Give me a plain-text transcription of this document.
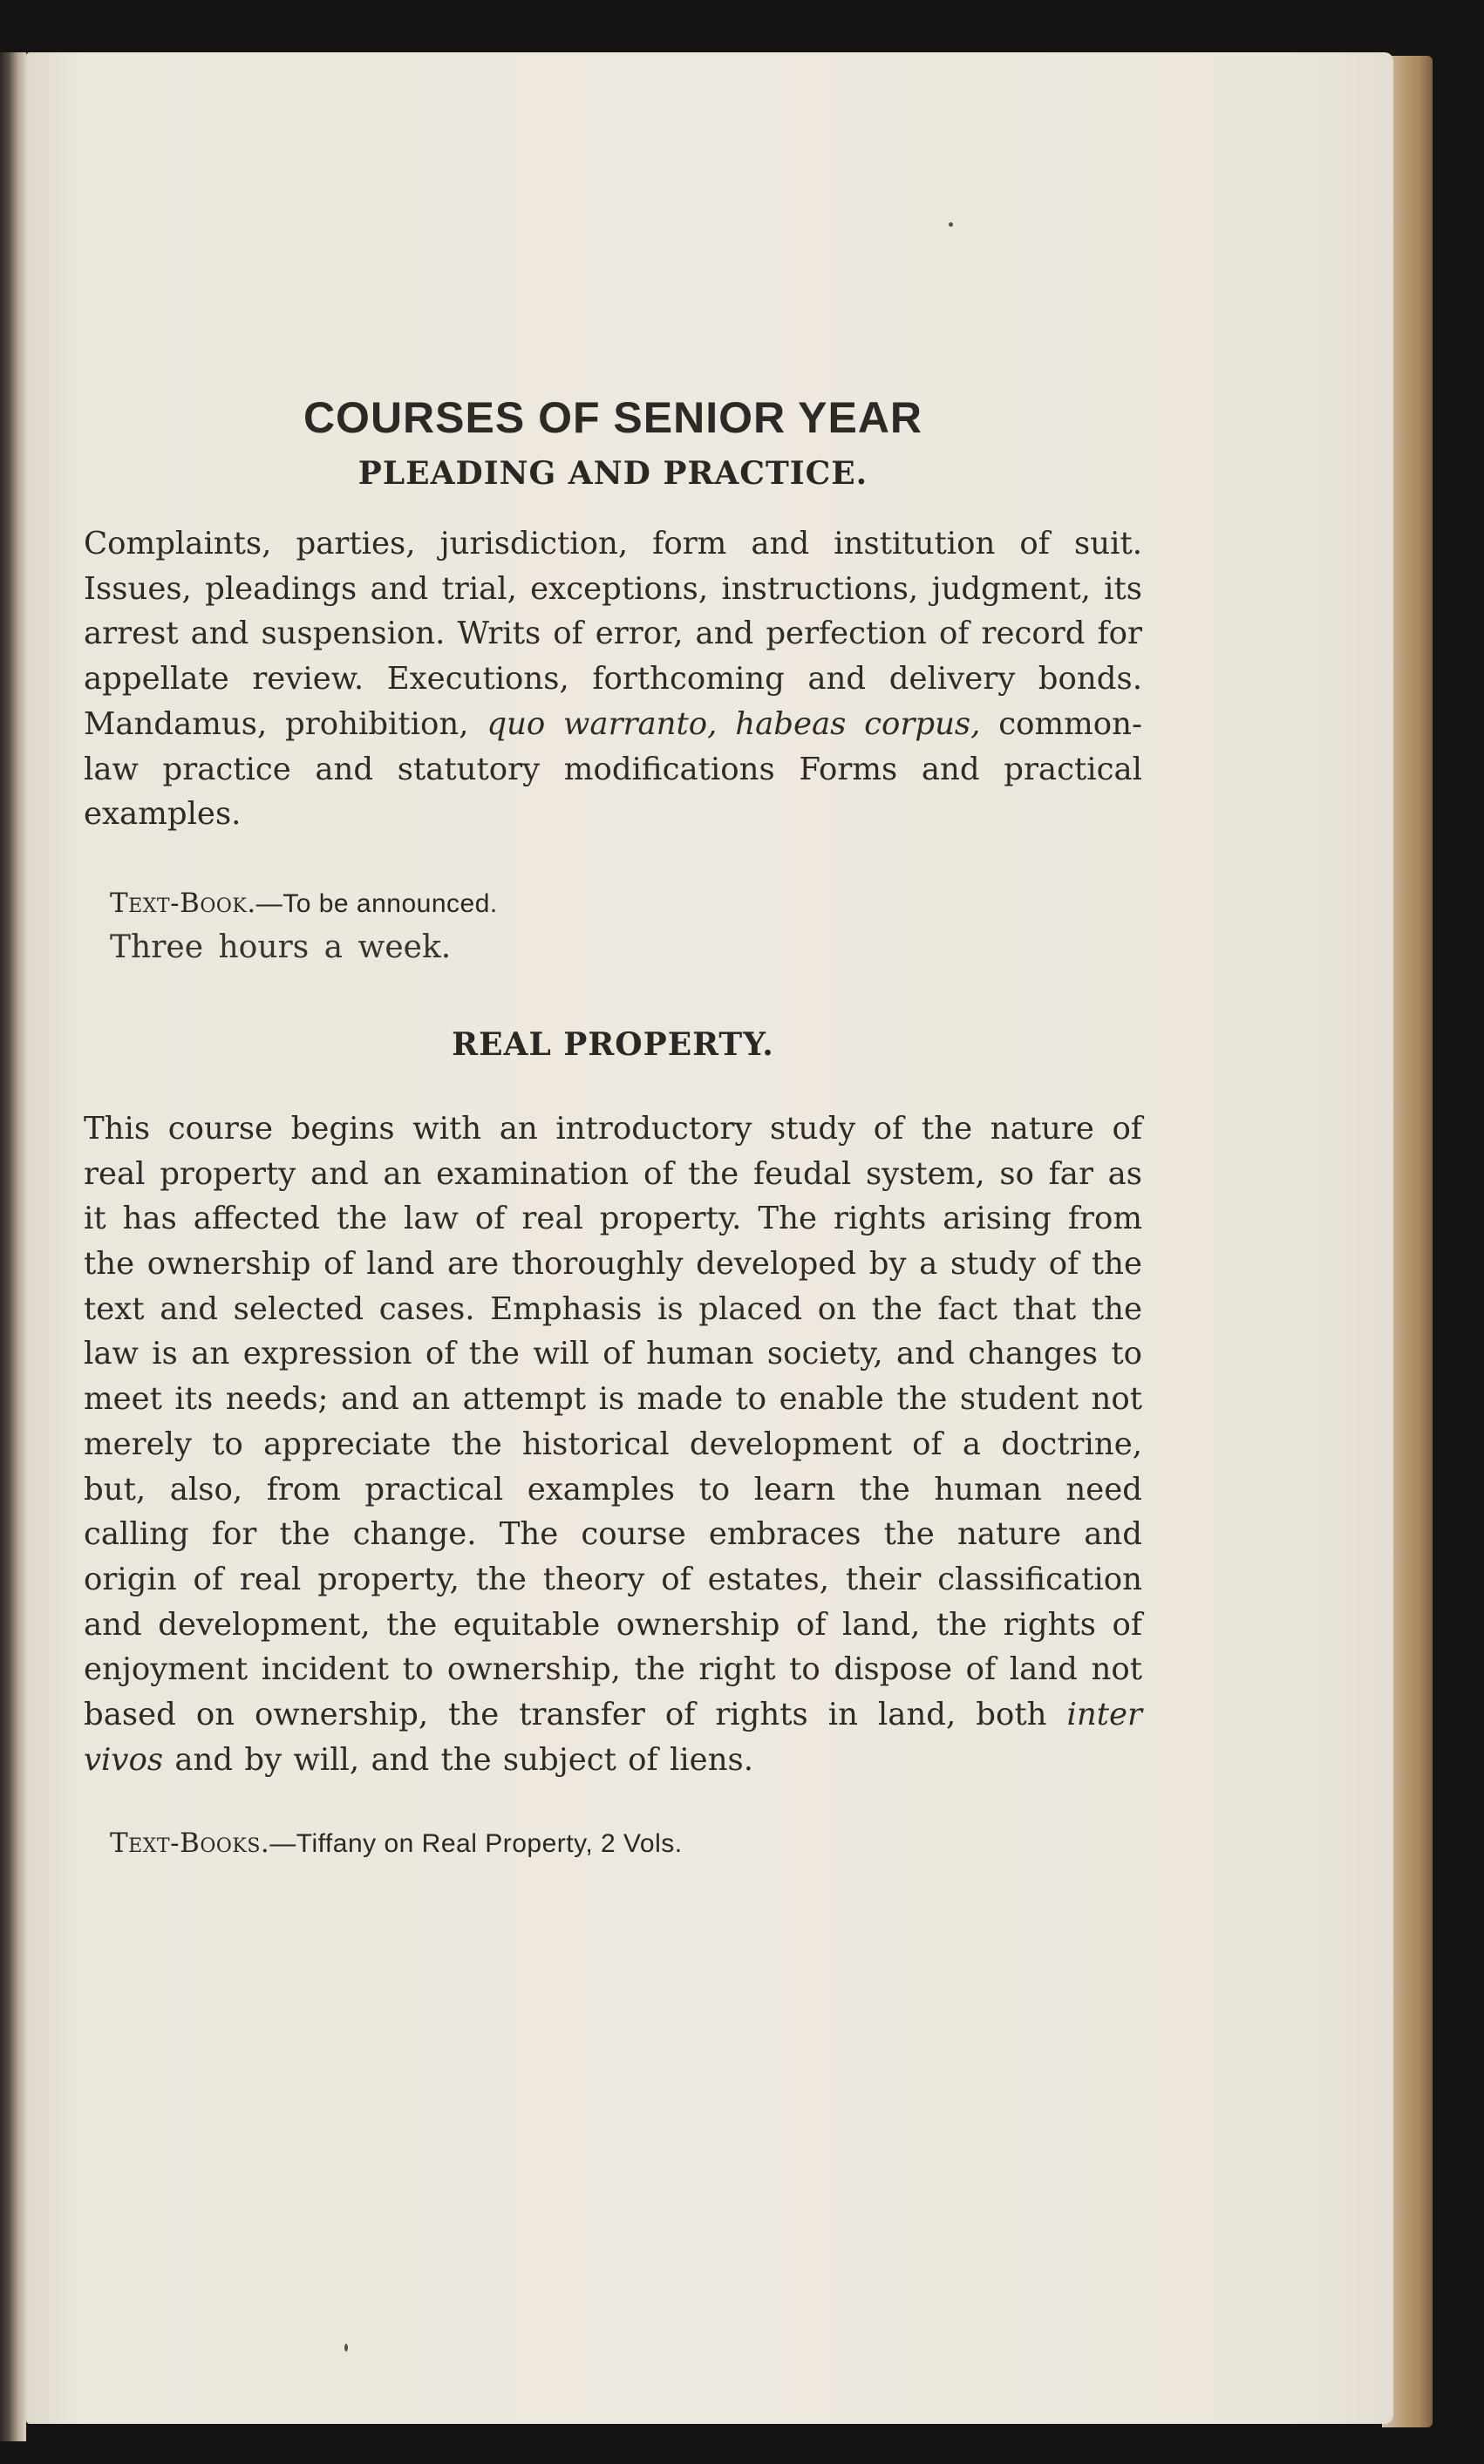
COURSES OF SENIOR YEAR
PLEADING AND PRACTICE.

Complaints, parties, jurisdiction, form and institution of suit. Issues, pleadings and trial, exceptions, instructions, judgment, its arrest and suspension. Writs of error, and perfection of record for appellate review. Executions, forthcoming and delivery bonds. Mandamus, prohibition, quo warranto, habeas corpus, common-law practice and statutory modifications Forms and practical examples.

Text-Book.—To be announced.
Three hours a week.
REAL PROPERTY.

This course begins with an introductory study of the nature of real property and an examination of the feudal system, so far as it has affected the law of real property. The rights arising from the ownership of land are thoroughly developed by a study of the text and selected cases. Emphasis is placed on the fact that the law is an expression of the will of human society, and changes to meet its needs; and an attempt is made to enable the student not merely to appreciate the historical development of a doctrine, but, also, from practical examples to learn the human need calling for the change. The course embraces the nature and origin of real property, the theory of estates, their classification and development, the equitable ownership of land, the rights of enjoyment incident to ownership, the right to dispose of land not based on ownership, the transfer of rights in land, both inter vivos and by will, and the subject of liens.

Text-Books.—Tiffany on Real Property, 2 Vols.
